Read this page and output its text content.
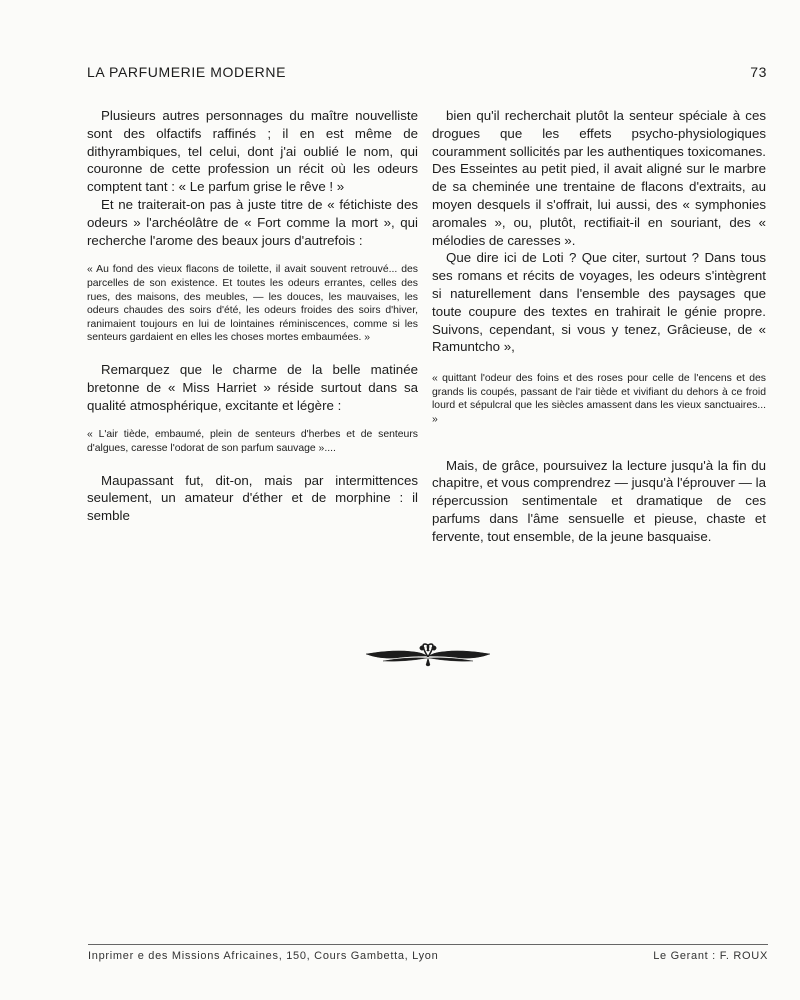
LA PARFUMERIE MODERNE	73

Plusieurs autres personnages du maître nouvelliste sont des olfactifs raffinés ; il en est même de dithyrambiques, tel celui, dont j'ai oublié le nom, qui couronne de cette profession un récit où les odeurs comptent tant : « Le parfum grise le rêve ! »

Et ne traiterait-on pas à juste titre de « fétichiste des odeurs » l'archéolâtre de « Fort comme la mort », qui recherche l'arome des beaux jours d'autrefois :

« Au fond des vieux flacons de toilette, il avait souvent retrouvé... des parcelles de son existence. Et toutes les odeurs errantes, celles des rues, des maisons, des meubles, — les douces, les mauvaises, les odeurs chaudes des soirs d'été, les odeurs froides des soirs d'hiver, ranimaient toujours en lui de lointaines réminiscences, comme si les senteurs gardaient en elles les choses mortes embaumées. »

Remarquez que le charme de la belle matinée bretonne de « Miss Harriet » réside surtout dans sa qualité atmosphérique, excitante et légère :

« L'air tiède, embaumé, plein de senteurs d'herbes et de senteurs d'algues, caresse l'odorat de son parfum sauvage »....

Maupassant fut, dit-on, mais par intermittences seulement, un amateur d'éther et de morphine : il semble

bien qu'il recherchait plutôt la senteur spéciale à ces drogues que les effets psycho-physiologiques couramment sollicités par les authentiques toxicomanes. Des Esseintes au petit pied, il avait aligné sur le marbre de sa cheminée une trentaine de flacons d'extraits, au moyen desquels il s'offrait, lui aussi, des « symphonies aromales », ou, plutôt, rectifiait-il en souriant, des « mélodies de caresses ».

Que dire ici de Loti ? Que citer, surtout ? Dans tous ses romans et récits de voyages, les odeurs s'intègrent si naturellement dans l'ensemble des paysages que toute coupure des textes en trahirait le génie propre. Suivons, cependant, si vous y tenez, Grâcieuse, de « Ramuntcho »,

« quittant l'odeur des foins et des roses pour celle de l'encens et des grands lis coupés, passant de l'air tiède et vivifiant du dehors à ce froid lourd et sépulcral que les siècles amassent dans les vieux sanctuaires... »

Mais, de grâce, poursuivez la lecture jusqu'à la fin du chapitre, et vous comprendrez — jusqu'à l'éprouver — la répercussion sentimentale et dramatique de ces parfums dans l'âme sensuelle et pieuse, chaste et fervente, tout ensemble, de la jeune basquaise.

Inprimer e des Missions Africaines, 150, Cours Gambetta, Lyon	Le Gerant : F. ROUX
